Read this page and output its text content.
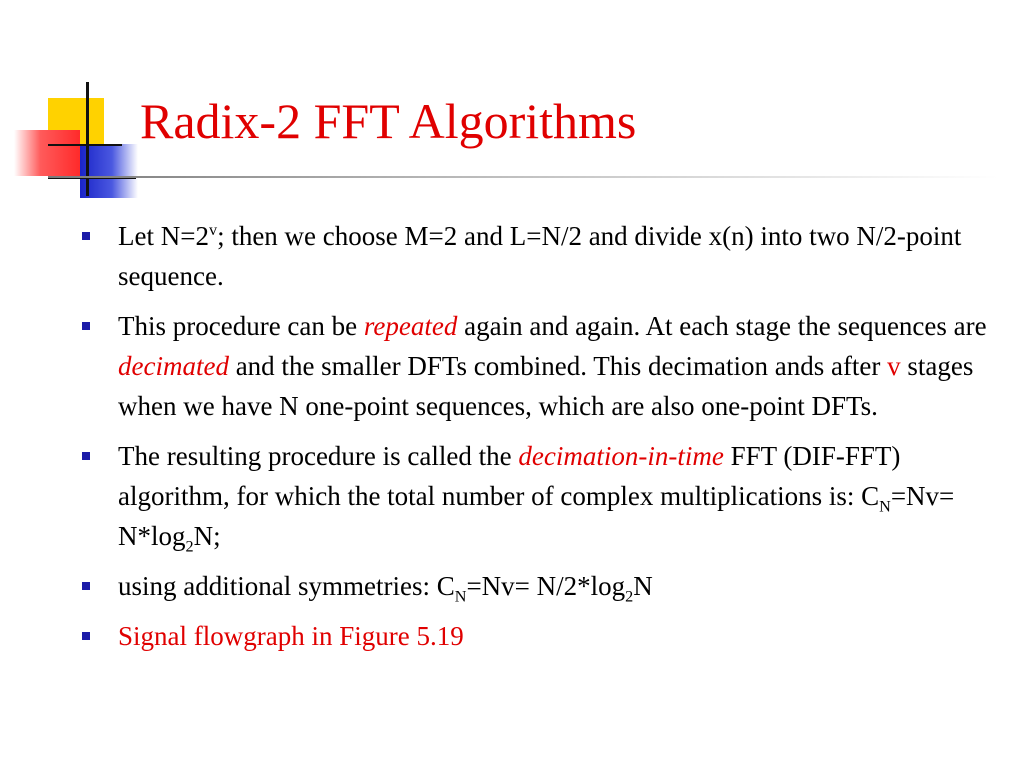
Radix-2 FFT Algorithms
Let $N=2^v$; then we choose M=2 and L=N/2 and divide x(n) into two N/2-point sequence.
This procedure can be repeated again and again. At each stage the sequences are decimated and the smaller DFTs combined. This decimation ands after v stages when we have N one-point sequences, which are also one-point DFTs.
The resulting procedure is called the decimation-in-time FFT (DIF-FFT) algorithm, for which the total number of complex multiplications is: $C_N=Nv= N*\log_2N$;
using additional symmetries: $C_N=Nv= N/2*\log_2N$
Signal flowgraph in Figure 5.19
